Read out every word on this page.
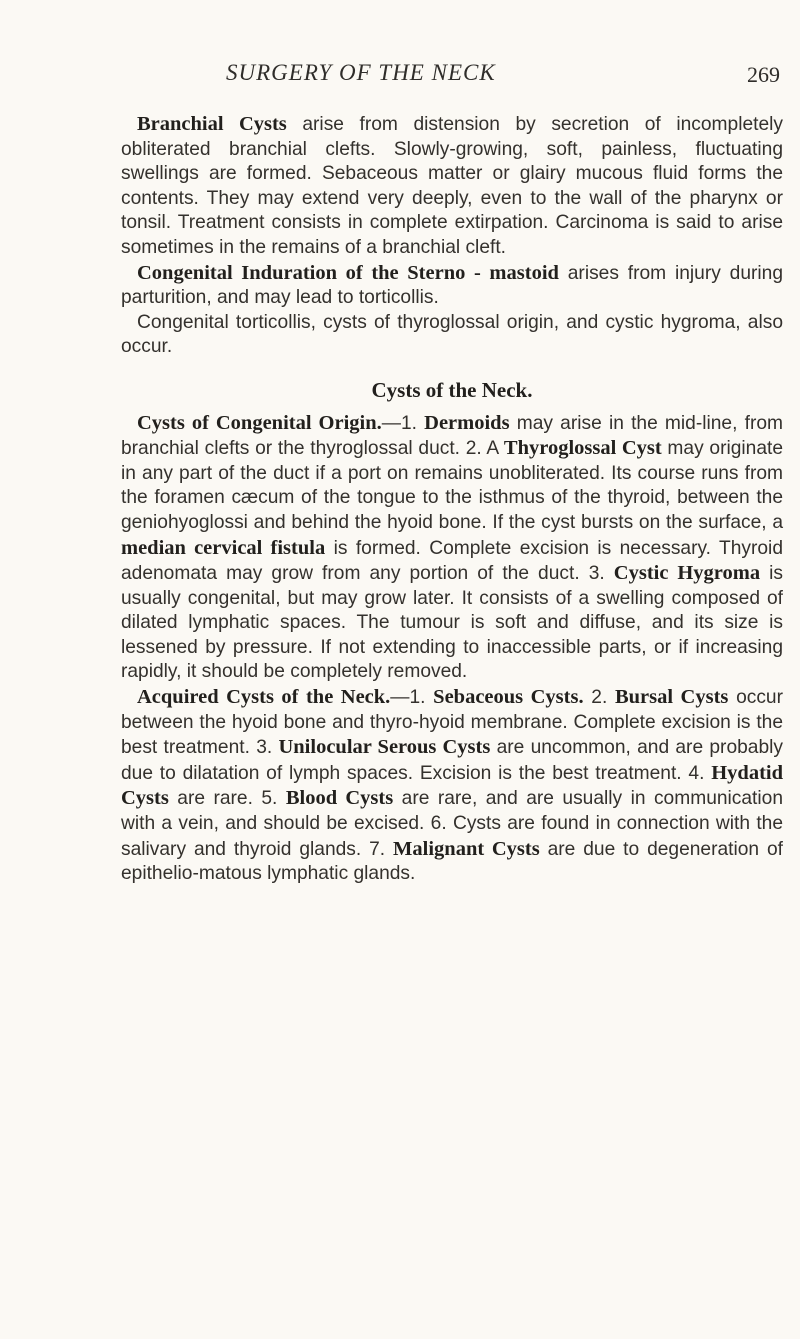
SURGERY OF THE NECK	269

Branchial Cysts arise from distension by secretion of incompletely obliterated branchial clefts. Slowly-growing, soft, painless, fluctuating swellings are formed. Sebaceous matter or glairy mucous fluid forms the contents. They may extend very deeply, even to the wall of the pharynx or tonsil. Treatment consists in complete extirpation. Carcinoma is said to arise sometimes in the remains of a branchial cleft.

Congenital Induration of the Sterno - mastoid arises from injury during parturition, and may lead to torticollis.

Congenital torticollis, cysts of thyroglossal origin, and cystic hygroma, also occur.

Cysts of the Neck.

Cysts of Congenital Origin.—1. Dermoids may arise in the mid-line, from branchial clefts or the thyroglossal duct. 2. A Thyroglossal Cyst may originate in any part of the duct if a port on remains unobliterated. Its course runs from the foramen cæcum of the tongue to the isthmus of the thyroid, between the geniohyoglossi and behind the hyoid bone. If the cyst bursts on the surface, a median cervical fistula is formed. Complete excision is necessary. Thyroid adenomata may grow from any portion of the duct. 3. Cystic Hygroma is usually congenital, but may grow later. It consists of a swelling composed of dilated lymphatic spaces. The tumour is soft and diffuse, and its size is lessened by pressure. If not extending to inaccessible parts, or if increasing rapidly, it should be completely removed.

Acquired Cysts of the Neck.—1. Sebaceous Cysts. 2. Bursal Cysts occur between the hyoid bone and thyro-hyoid membrane. Complete excision is the best treatment. 3. Unilocular Serous Cysts are uncommon, and are probably due to dilatation of lymph spaces. Excision is the best treatment. 4. Hydatid Cysts are rare. 5. Blood Cysts are rare, and are usually in communication with a vein, and should be excised. 6. Cysts are found in connection with the salivary and thyroid glands. 7. Malignant Cysts are due to degeneration of epithelio-matous lymphatic glands.
